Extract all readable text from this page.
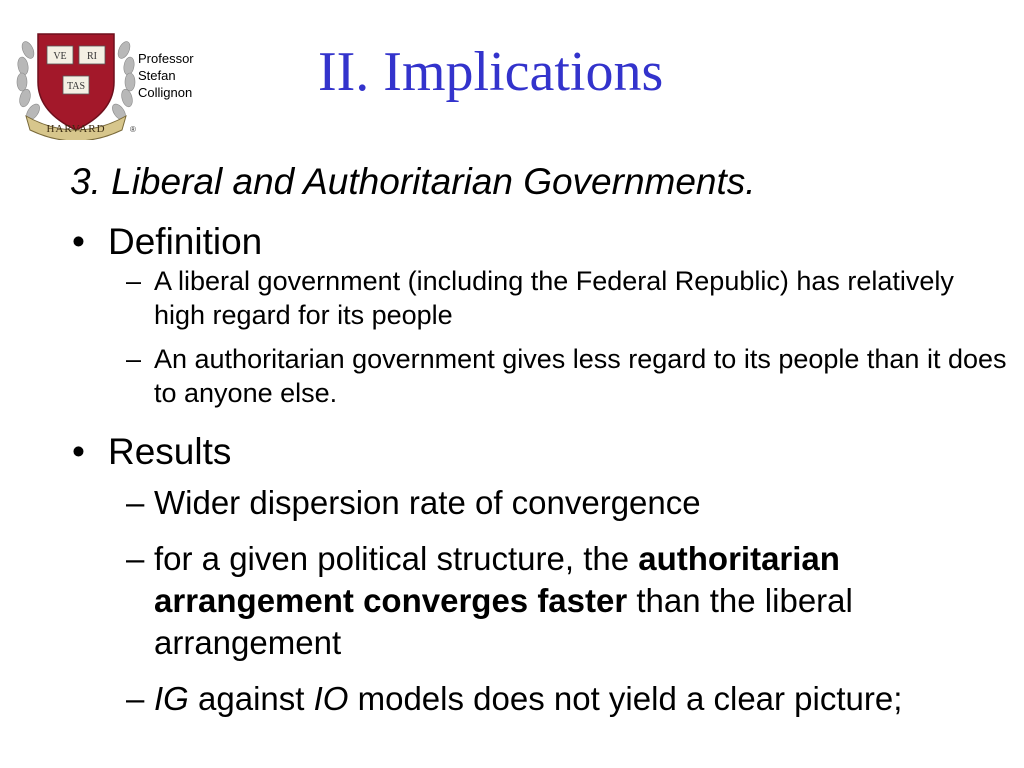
VE RI
TAS
HARVARD	®
Professor
Stefan
Collignon II. Implications
3. Liberal and Authoritarian Governments.
• Definition
– A liberal government (including the Federal Republic) has relatively high regard for its people
– An authoritarian government gives less regard to its people than it does to anyone else.
• Results
– Wider dispersion rate of convergence
– for a given political structure, the authoritarian arrangement converges faster than the liberal arrangement
– IG against IO models does not yield a clear picture;
